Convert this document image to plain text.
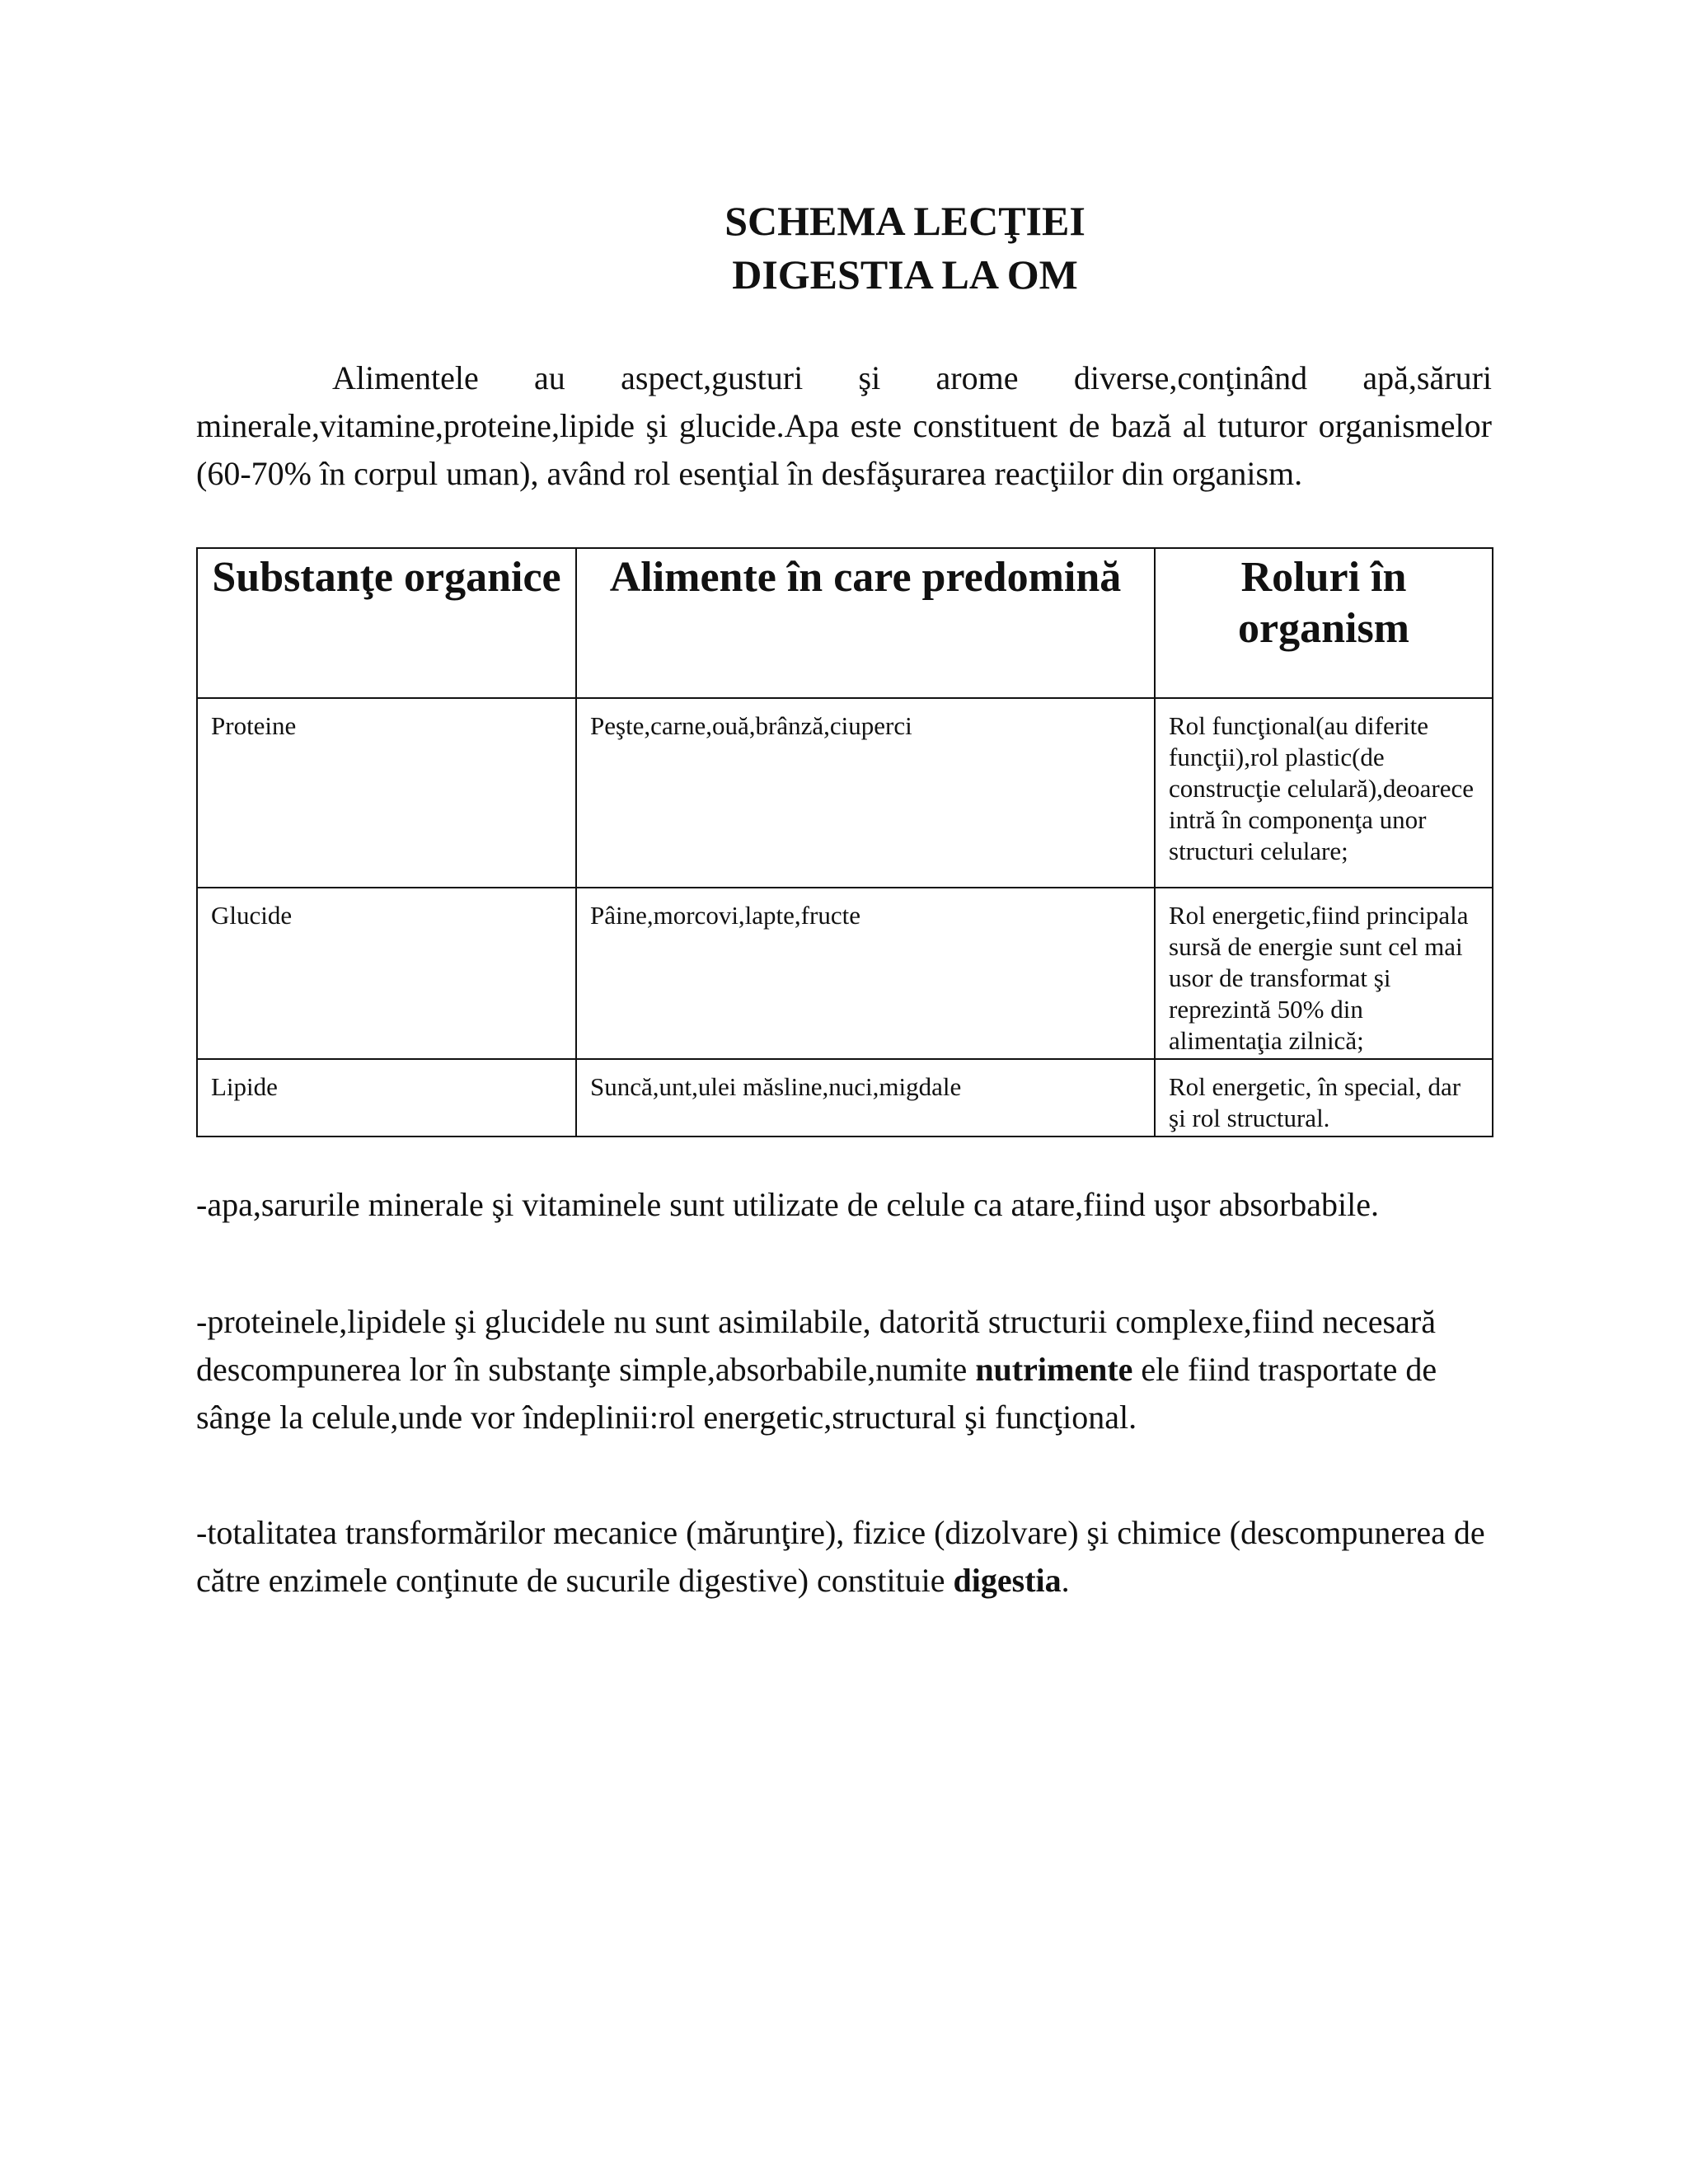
SCHEMA LECŢIEI
DIGESTIA LA OM

Alimentele au aspect,gusturi şi arome diverse,conţinând apă,săruri minerale,vitamine,proteine,lipide şi glucide.Apa este constituent de bază al tuturor organismelor (60-70% în corpul uman), având rol esenţial în desfăşurarea reacţiilor din organism.

Substanţe organice	Alimente în care predomină	Roluri în organism
Proteine	Peşte,carne,ouă,brânză,ciuperci	Rol funcţional(au diferite funcţii),rol plastic(de construcţie celulară),deoarece intră în componenţa unor structuri celulare;
Glucide	Pâine,morcovi,lapte,fructe	Rol energetic,fiind principala sursă de energie sunt cel mai usor de transformat şi reprezintă 50% din alimentaţia zilnică;
Lipide	Suncă,unt,ulei măsline,nuci,migdale	Rol energetic, în special, dar şi rol structural.

-apa,sarurile minerale şi vitaminele sunt utilizate de celule ca atare,fiind uşor absorbabile.

-proteinele,lipidele şi glucidele nu sunt asimilabile, datorită structurii complexe,fiind necesară descompunerea lor în substanţe simple,absorbabile,numite nutrimente ele fiind trasportate de sânge la celule,unde vor îndeplinii:rol energetic,structural şi funcţional.

-totalitatea transformărilor mecanice (mărunţire), fizice (dizolvare) şi chimice (descompunerea de către enzimele conţinute de sucurile digestive) constituie digestia.
